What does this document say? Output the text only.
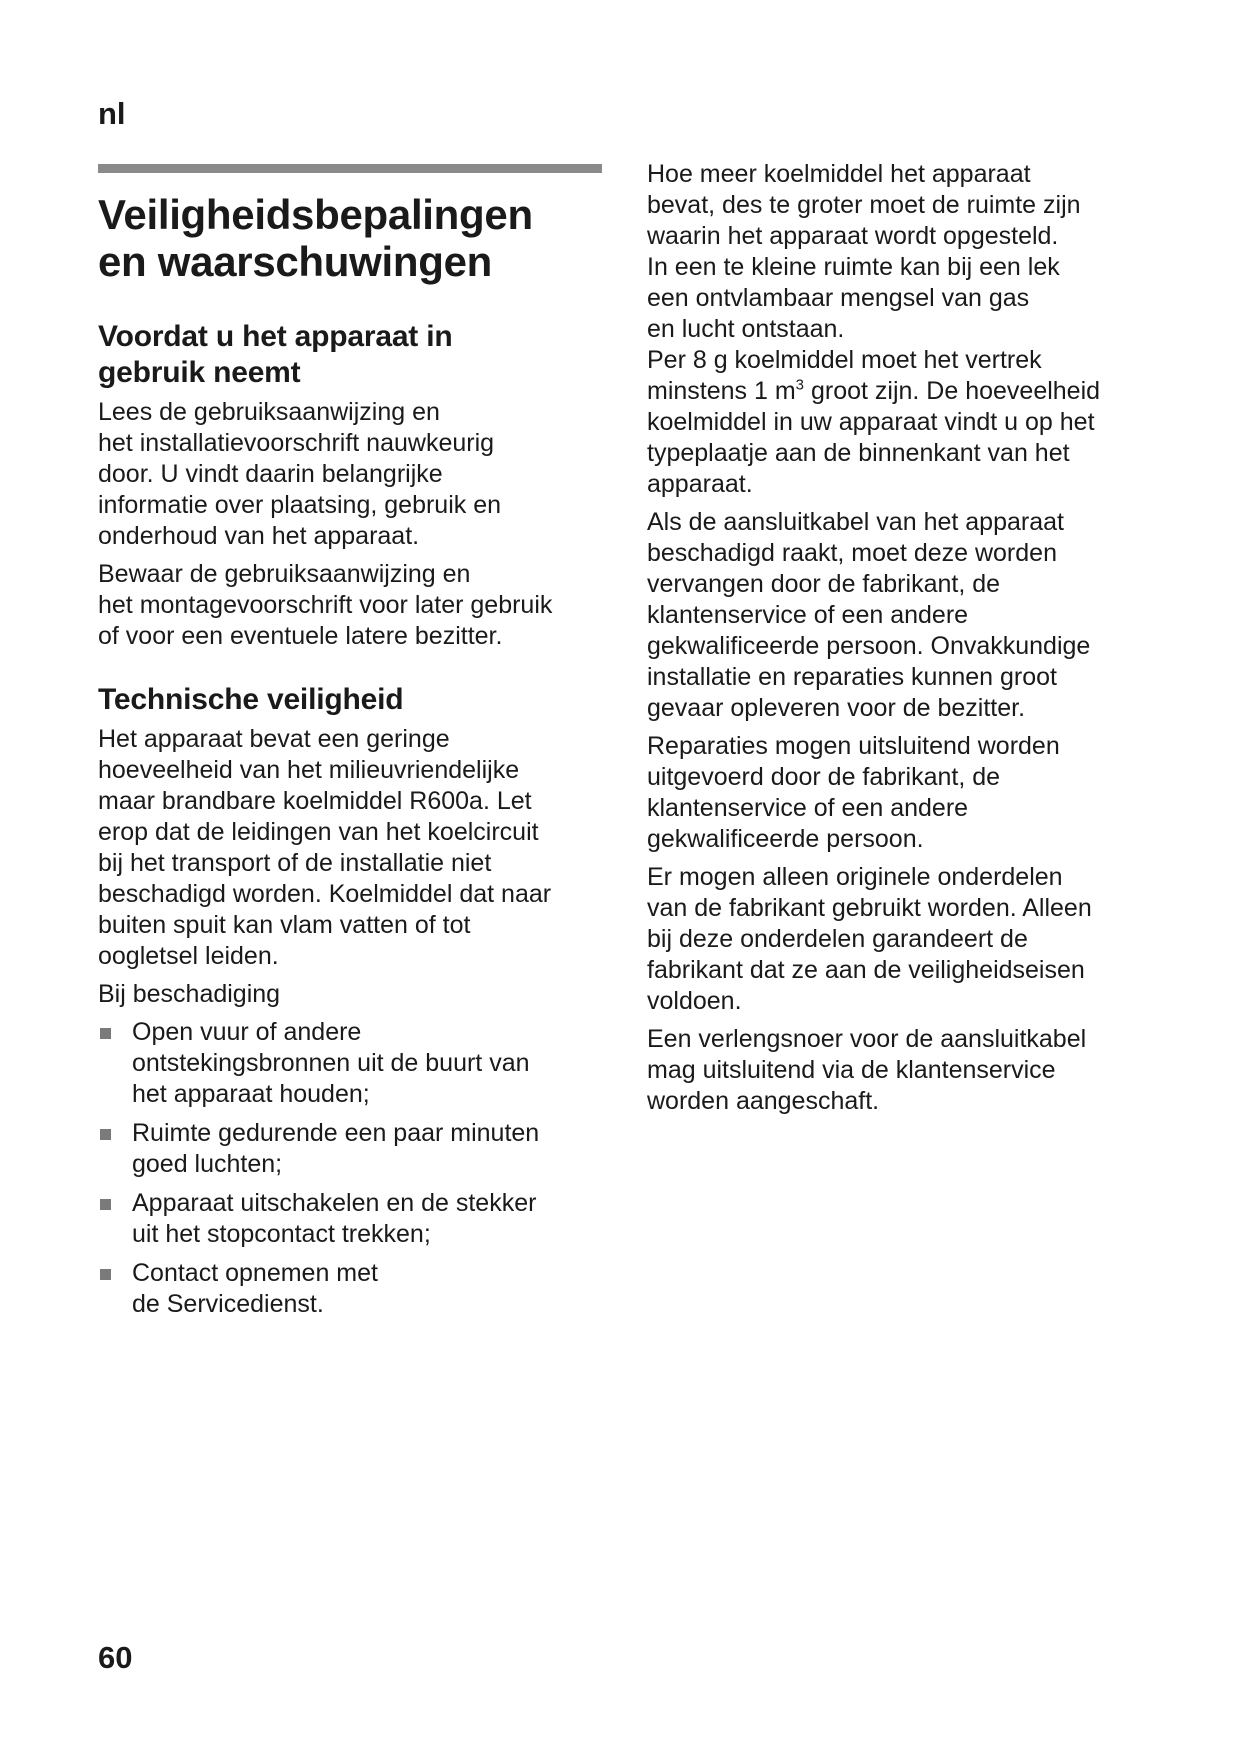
nl
Veiligheidsbepalingen
en waarschuwingen
Voordat u het apparaat in
gebruik neemt

Lees de gebruiksaanwijzing en
het installatievoorschrift nauwkeurig
door. U vindt daarin belangrijke
informatie over plaatsing, gebruik en
onderhoud van het apparaat.

Bewaar de gebruiksaanwijzing en
het montagevoorschrift voor later gebruik
of voor een eventuele latere bezitter.

Technische veiligheid

Het apparaat bevat een geringe
hoeveelheid van het milieuvriendelijke
maar brandbare koelmiddel R600a. Let
erop dat de leidingen van het koelcircuit
bij het transport of de installatie niet
beschadigd worden. Koelmiddel dat naar
buiten spuit kan vlam vatten of tot
oogletsel leiden.

Bij beschadiging

Open vuur of andere
ontstekingsbronnen uit de buurt van
het apparaat houden;
Ruimte gedurende een paar minuten
goed luchten;
Apparaat uitschakelen en de stekker
uit het stopcontact trekken;
Contact opnemen met
de Servicedienst.

Hoe meer koelmiddel het apparaat
bevat, des te groter moet de ruimte zijn
waarin het apparaat wordt opgesteld.
In een te kleine ruimte kan bij een lek
een ontvlambaar mengsel van gas
en lucht ontstaan.
Per 8 g koelmiddel moet het vertrek
minstens 1 $m^3$ groot zijn. De hoeveelheid
koelmiddel in uw apparaat vindt u op het
typeplaatje aan de binnenkant van het
apparaat.

Als de aansluitkabel van het apparaat
beschadigd raakt, moet deze worden
vervangen door de fabrikant, de
klantenservice of een andere
gekwalificeerde persoon. Onvakkundige
installatie en reparaties kunnen groot
gevaar opleveren voor de bezitter.

Reparaties mogen uitsluitend worden
uitgevoerd door de fabrikant, de
klantenservice of een andere
gekwalificeerde persoon.

Er mogen alleen originele onderdelen
van de fabrikant gebruikt worden. Alleen
bij deze onderdelen garandeert de
fabrikant dat ze aan de veiligheidseisen
voldoen.

Een verlengsnoer voor de aansluitkabel
mag uitsluitend via de klantenservice
worden aangeschaft.

60
